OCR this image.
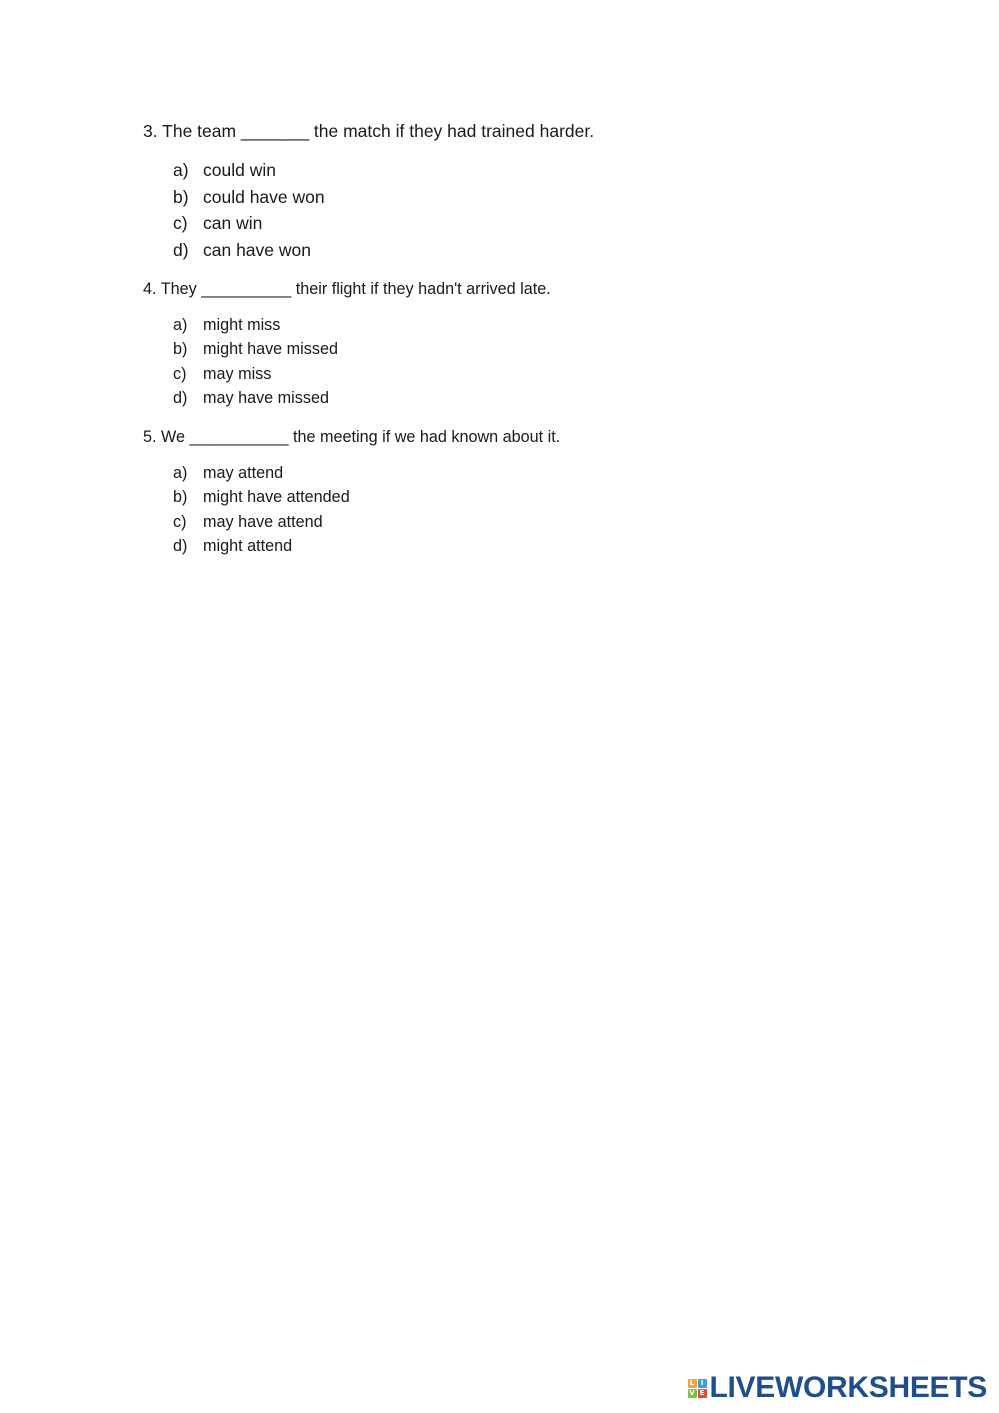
3. The team _______ the match if they had trained harder.

a) could win
b) could have won
c) can win
d) can have won

4. They __________ their flight if they hadn't arrived late.

a) might miss
b) might have missed
c)	may miss
d) may have missed

5. We ___________ the meeting if we had known about it.

a) may attend
b) might have attended
c)	may have attend
d) might attend
L I
V E LIVEWORKSHEETS
